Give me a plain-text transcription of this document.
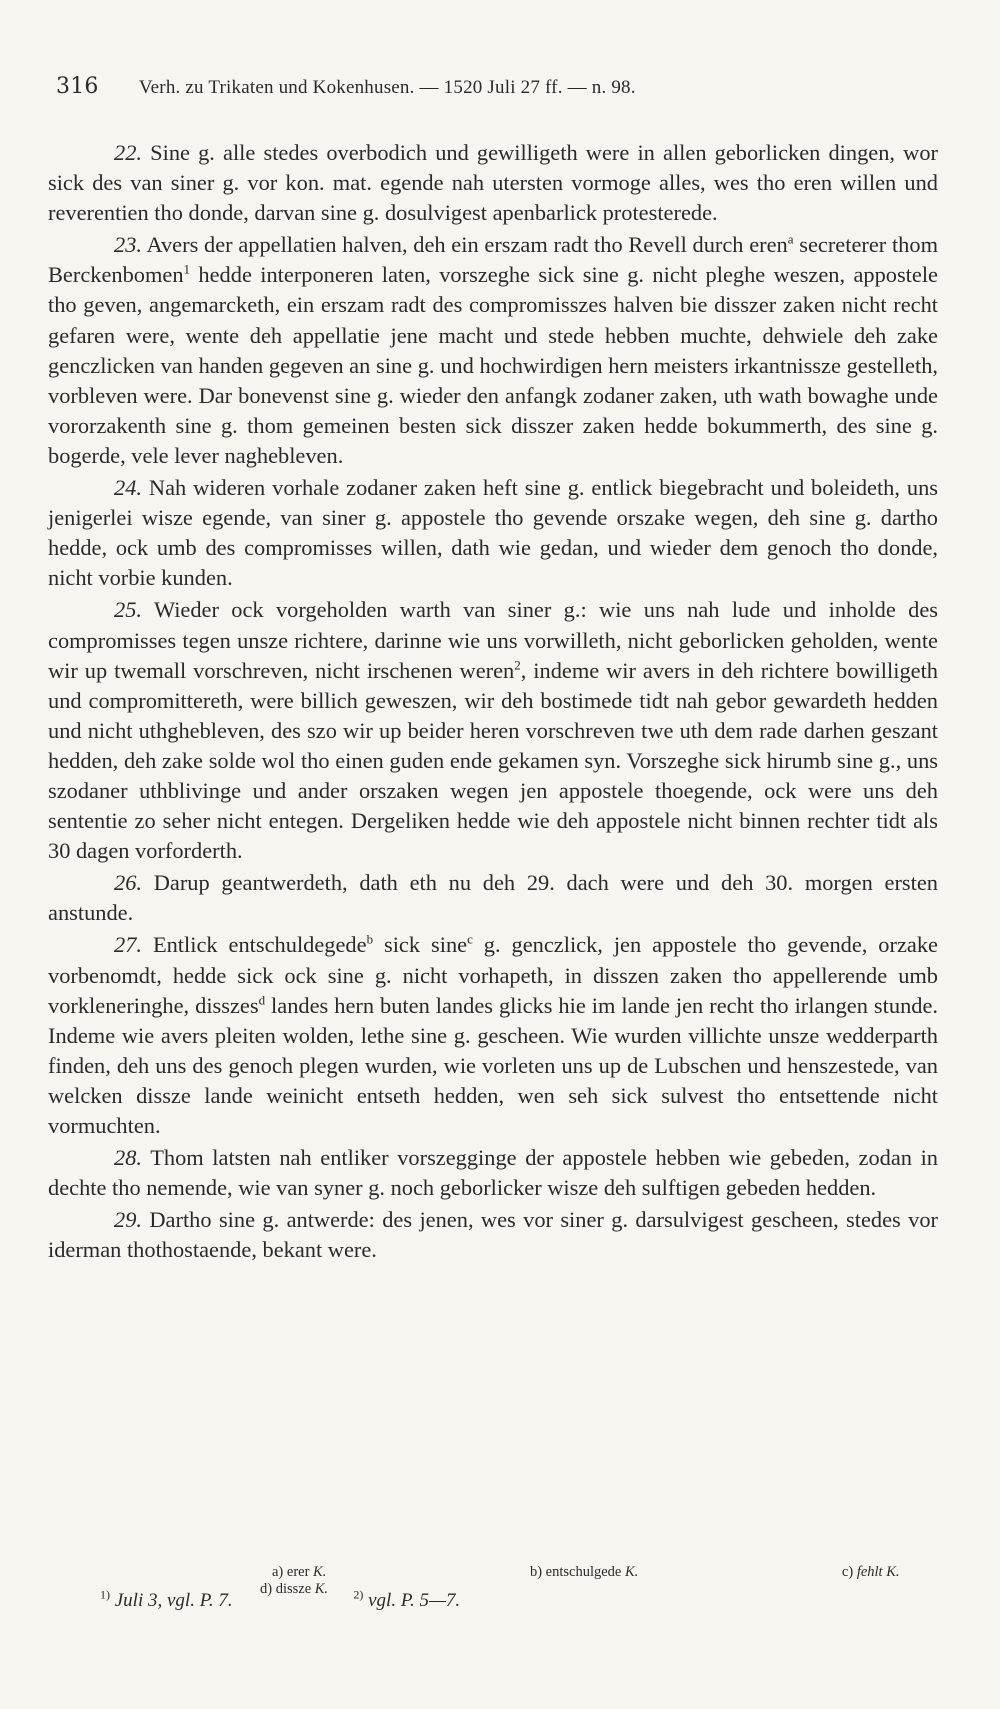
316 Verh. zu Trikaten und Kokenhusen. — 1520 Juli 27 ff. — n. 98.

22. Sine g. alle stedes overbodich und gewilligeth were in allen geborlicken dingen, wor sick des van siner g. vor kon. mat. egende nah utersten vormoge alles, wes tho eren willen und reverentien tho donde, darvan sine g. dosulvigest apenbarlick protesterede.

23. Avers der appellatien halven, deh ein erszam radt tho Revell durch eren$^a$ secreterer thom Berckenbomen$^1$ hedde interponeren laten, vorszeghe sick sine g. nicht pleghe weszen, appostele tho geven, angemarcketh, ein erszam radt des compromisszes halven bie disszer zaken nicht recht gefaren were, wente deh appellatie jene macht und stede hebben muchte, dehwiele deh zake genczlicken van handen gegeven an sine g. und hochwirdigen hern meisters irkantnissze gestelleth, vorbleven were. Dar bonevenst sine g. wieder den anfangk zodaner zaken, uth wath bowaghe unde vororzakenth sine g. thom gemeinen besten sick disszer zaken hedde bokummerth, des sine g. bogerde, vele lever naghebleven.

24. Nah wideren vorhale zodaner zaken heft sine g. entlick biegebracht und boleideth, uns jenigerlei wisze egende, van siner g. appostele tho gevende orszake wegen, deh sine g. dartho hedde, ock umb des compromisses willen, dath wie gedan, und wieder dem genoch tho donde, nicht vorbie kunden.

25. Wieder ock vorgeholden warth van siner g.: wie uns nah lude und inholde des compromisses tegen unsze richtere, darinne wie uns vorwilleth, nicht geborlicken geholden, wente wir up twemall vorschreven, nicht irschenen weren$^2$, indeme wir avers in deh richtere bowilligeth und compromittereth, were billich geweszen, wir deh bostimede tidt nah gebor gewardeth hedden und nicht uthghebleven, des szo wir up beider heren vorschreven twe uth dem rade darhen geszant hedden, deh zake solde wol tho einen guden ende gekamen syn. Vorszeghe sick hirumb sine g., uns szodaner uthblivinge und ander orszaken wegen jen appostele thoegende, ock were uns deh sententie zo seher nicht entegen. Dergeliken hedde wie deh appostele nicht binnen rechter tidt als 30 dagen vorforderth.

26. Darup geantwerdeth, dath eth nu deh 29. dach were und deh 30. morgen ersten anstunde.

27. Entlick entschuldegede$^b$ sick sine$^c$ g. genczlick, jen appostele tho gevende, orzake vorbenomdt, hedde sick ock sine g. nicht vorhapeth, in disszen zaken tho appellerende umb vorkleneringhe, disszes$^d$ landes hern buten landes glicks hie im lande jen recht tho irlangen stunde. Indeme wie avers pleiten wolden, lethe sine g. gescheen. Wie wurden villichte unsze wedderparth finden, deh uns des genoch plegen wurden, wie vorleten uns up de Lubschen und henszestede, van welcken dissze lande weinicht entseth hedden, wen seh sick sulvest tho entsettende nicht vormuchten.

28. Thom latsten nah entliker vorszegginge der appostele hebben wie gebeden, zodan in dechte tho nemende, wie van syner g. noch geborlicker wisze deh sulftigen gebeden hedden.

29. Dartho sine g. antwerde: des jenen, wes vor siner g. darsulvigest gescheen, stedes vor iderman thothostaende, bekant were.

a) erer K.	b) entschulgede K.	c) fehlt K. d) dissze K.
$^{1)}$ Juli 3, vgl. P. 7.	$^{2)}$ vgl. P. 5—7.
